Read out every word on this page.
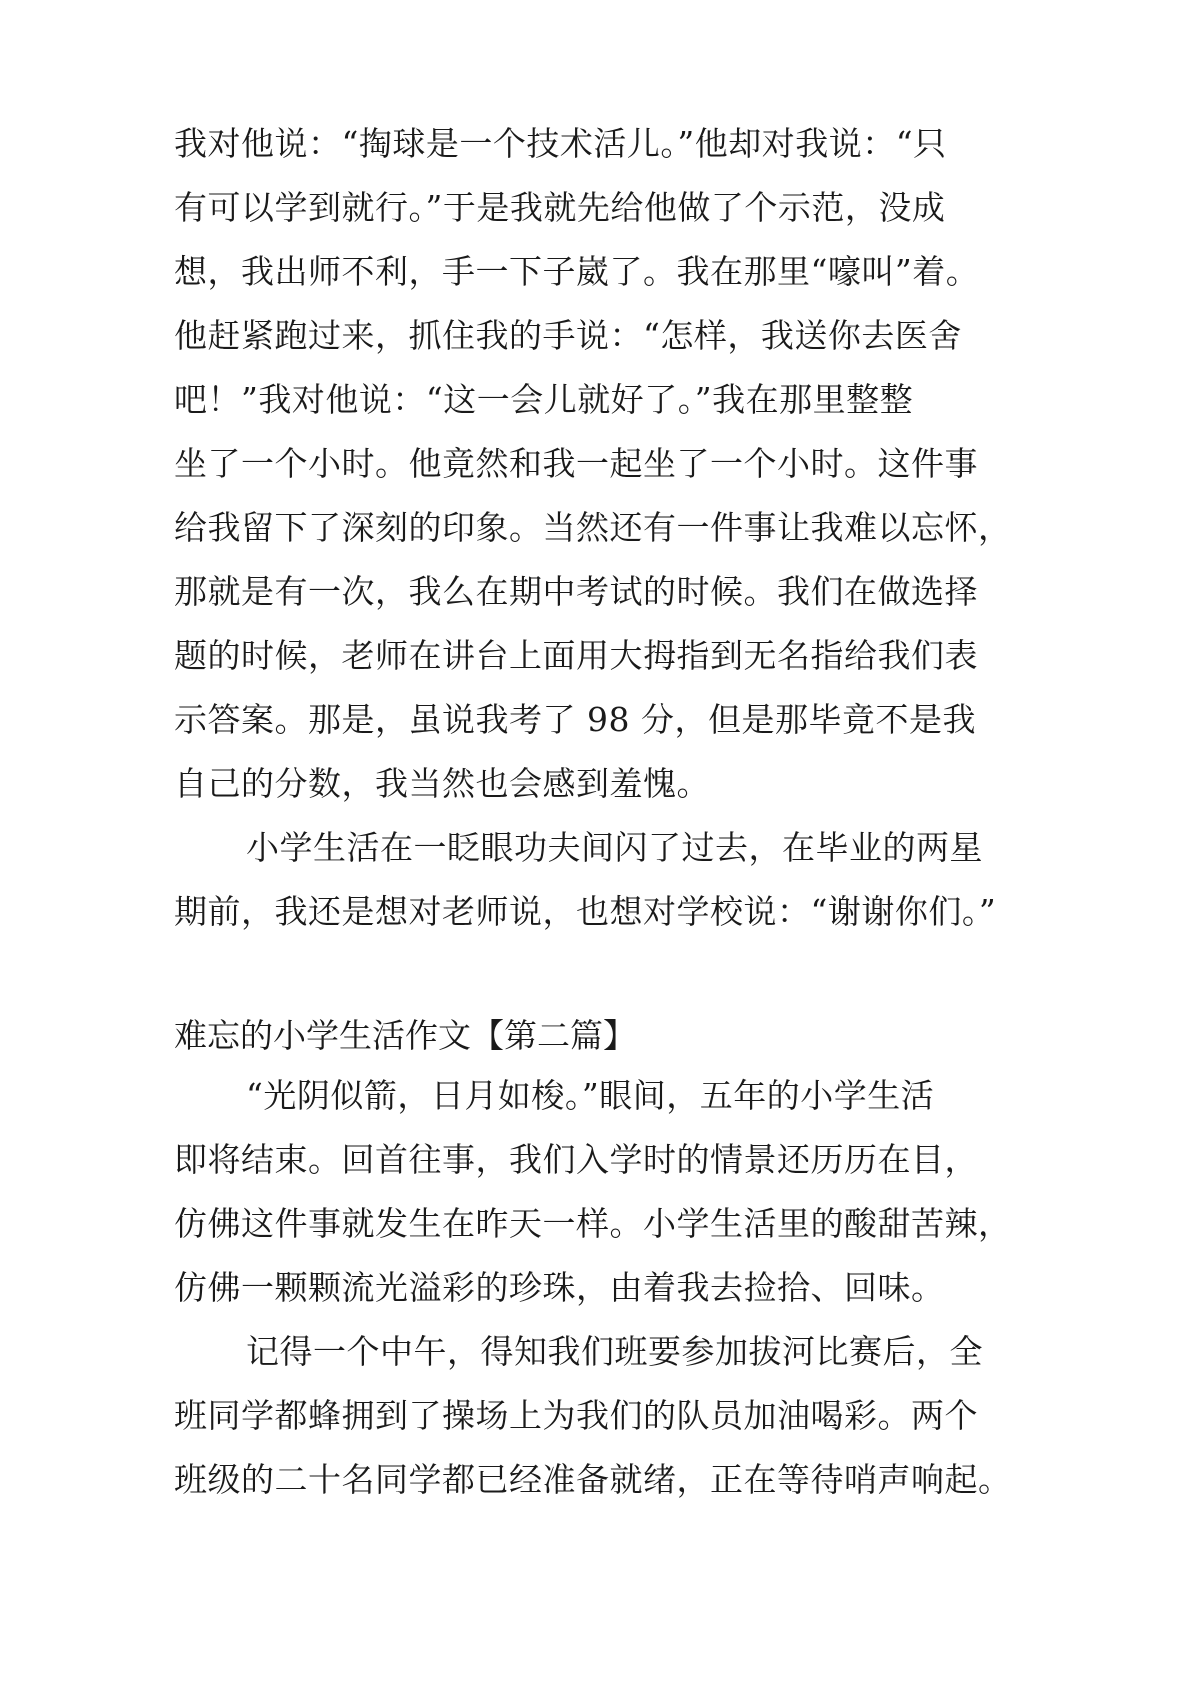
我对他说：“掏球是一个技术活儿。”他却对我说：“只
有可以学到就行。”于是我就先给他做了个示范，没成
想，我出师不利，手一下子崴了。我在那里“嚎叫”着。
他赶紧跑过来，抓住我的手说：“怎样，我送你去医舍
吧！”我对他说：“这一会儿就好了。”我在那里整整
坐了一个小时。他竟然和我一起坐了一个小时。这件事
给我留下了深刻的印象。当然还有一件事让我难以忘怀，
那就是有一次，我么在期中考试的时候。我们在做选择
题的时候，老师在讲台上面用大拇指到无名指给我们表
示答案。那是，虽说我考了 98 分，但是那毕竟不是我
自己的分数，我当然也会感到羞愧。
小学生活在一眨眼功夫间闪了过去，在毕业的两星
期前，我还是想对老师说，也想对学校说：“谢谢你们。”
难忘的小学生活作文【第二篇】
“光阴似箭，日月如梭。”眼间，五年的小学生活
即将结束。回首往事，我们入学时的情景还历历在目，
仿佛这件事就发生在昨天一样。小学生活里的酸甜苦辣，
仿佛一颗颗流光溢彩的珍珠，由着我去捡拾、回味。
记得一个中午，得知我们班要参加拔河比赛后，全
班同学都蜂拥到了操场上为我们的队员加油喝彩。两个
班级的二十名同学都已经准备就绪，正在等待哨声响起。
